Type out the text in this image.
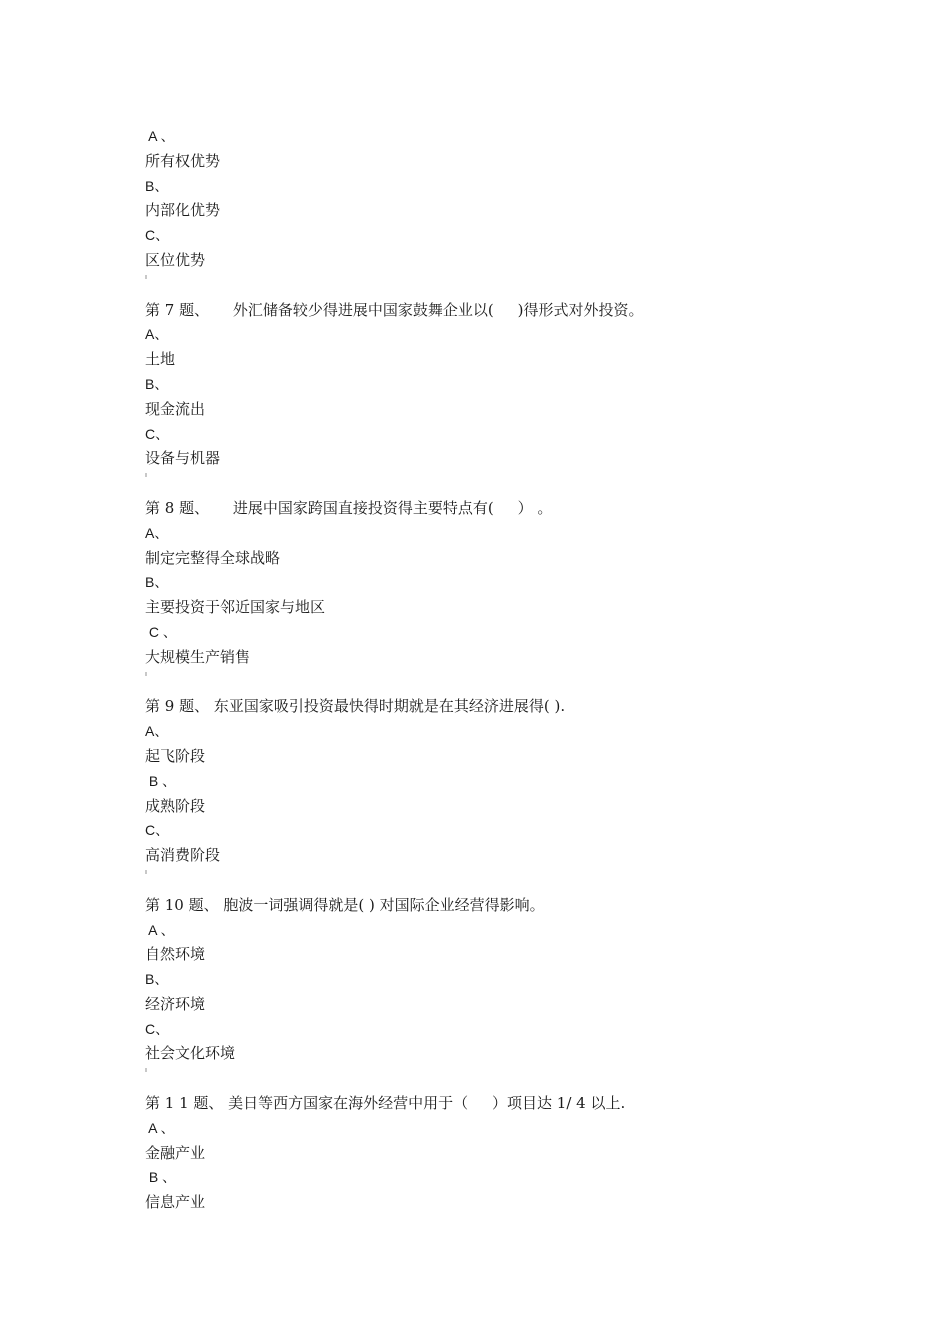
A 、
所有权优势
B、
内部化优势
C、
区位优势
第 7 题、     外汇储备较少得进展中国家鼓舞企业以(     )得形式对外投资。
A、
土地
B、
现金流出
C、
设备与机器
第 8 题、     进展中国家跨国直接投资得主要特点有(     ） 。
A、
制定完整得全球战略
B、
主要投资于邻近国家与地区
C 、
大规模生产销售
第 9 题、 东亚国家吸引投资最快得时期就是在其经济进展得( ).
A、
起飞阶段
B 、
成熟阶段
C、
高消费阶段
第 10 题、 胞波一词强调得就是( ) 对国际企业经营得影响。
A 、
自然环境
B、
经济环境
C、
社会文化环境
第 1 1 题、 美日等西方国家在海外经营中用于（     ）项目达 1/ 4 以上.
A 、
金融产业
B 、
信息产业
